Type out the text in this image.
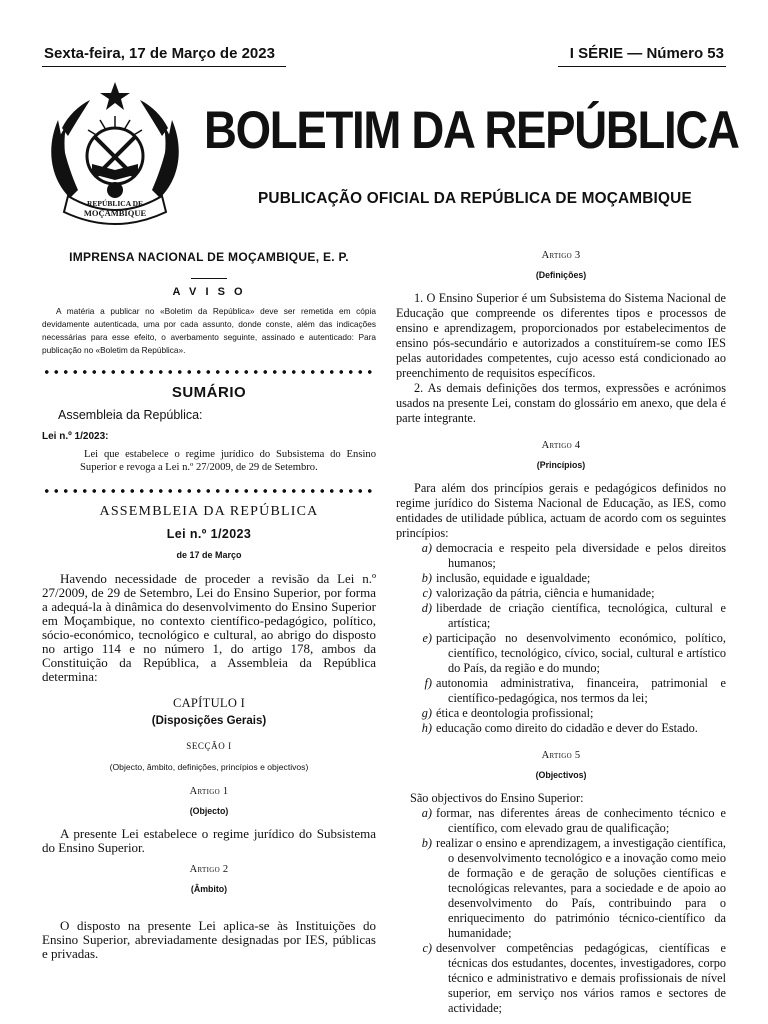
Sexta-feira, 17 de Março de 2023	I SÉRIE — Número 53
REPÚBLICA DE
MOÇAMBIQUE
BOLETIM DA REPÚBLICA
PUBLICAÇÃO OFICIAL DA REPÚBLICA DE MOÇAMBIQUE
IMPRENSA NACIONAL DE MOÇAMBIQUE, E. P.
A V I S O
A matéria a publicar no «Boletim da República» deve ser remetida em cópia devidamente autenticada, uma por cada assunto, donde conste, além das indicações necessárias para esse efeito, o averbamento seguinte, assinado e autenticado: Para publicação no «Boletim da República».
SUMÁRIO
Assembleia da República:
Lei n.º 1/2023:
Lei que estabelece o regime jurídico do Subsistema do Ensino Superior e revoga a Lei n.º 27/2009, de 29 de Setembro.
ASSEMBLEIA DA REPÚBLICA
Lei n.º 1/2023
de 17 de Março

Havendo necessidade de proceder a revisão da Lei n.º 27/2009, de 29 de Setembro, Lei do Ensino Superior, por forma a adequá-la à dinâmica do desenvolvimento do Ensino Superior em Moçambique, no contexto científico-pedagógico, político, sócio-económico, tecnológico e cultural, ao abrigo do disposto no artigo 114 e no número 1, do artigo 178, ambos da Constituição da República, a Assembleia da República determina:

CAPÍTULO I
(Disposições Gerais)
SECÇÃO I
(Objecto, âmbito, definições, princípios e objectivos)
Artigo 1
(Objecto)

A presente Lei estabelece o regime jurídico do Subsistema do Ensino Superior.

Artigo 2
(Âmbito)

O disposto na presente Lei aplica-se às Instituições do Ensino Superior, abreviadamente designadas por IES, públicas e privadas.

Artigo 3
(Definições)

1. O Ensino Superior é um Subsistema do Sistema Nacional de Educação que compreende os diferentes tipos e processos de ensino e aprendizagem, proporcionados por estabelecimentos de ensino pós-secundário e autorizados a constituírem-se como IES pelas autoridades competentes, cujo acesso está condicionado ao preenchimento de requisitos específicos.

2. As demais definições dos termos, expressões e acrónimos usados na presente Lei, constam do glossário em anexo, que dela é parte integrante.

Artigo 4
(Princípios)

Para além dos princípios gerais e pedagógicos definidos no regime jurídico do Sistema Nacional de Educação, as IES, como entidades de utilidade pública, actuam de acordo com os seguintes princípios:

a) democracia e respeito pela diversidade e pelos direitos humanos;
b) inclusão, equidade e igualdade;
c) valorização da pátria, ciência e humanidade;
d) liberdade de criação científica, tecnológica, cultural e artística;
e) participação no desenvolvimento económico, político, científico, tecnológico, cívico, social, cultural e artístico do País, da região e do mundo;
f) autonomia administrativa, financeira, patrimonial e científico-pedagógica, nos termos da lei;
g) ética e deontologia profissional;
h) educação como direito do cidadão e dever do Estado.
Artigo 5
(Objectivos)

São objectivos do Ensino Superior:

a) formar, nas diferentes áreas de conhecimento técnico e científico, com elevado grau de qualificação;
b) realizar o ensino e aprendizagem, a investigação científica, o desenvolvimento tecnológico e a inovação como meio de formação e de geração de soluções científicas e tecnológicas relevantes, para a sociedade e de apoio ao desenvolvimento do País, contribuindo para o enriquecimento do património técnico-científico da humanidade;
c) desenvolver competências pedagógicas, científicas e técnicas dos estudantes, docentes, investigadores, corpo técnico e administrativo e demais profissionais de nível superior, em serviço nos vários ramos e sectores de actividade;
